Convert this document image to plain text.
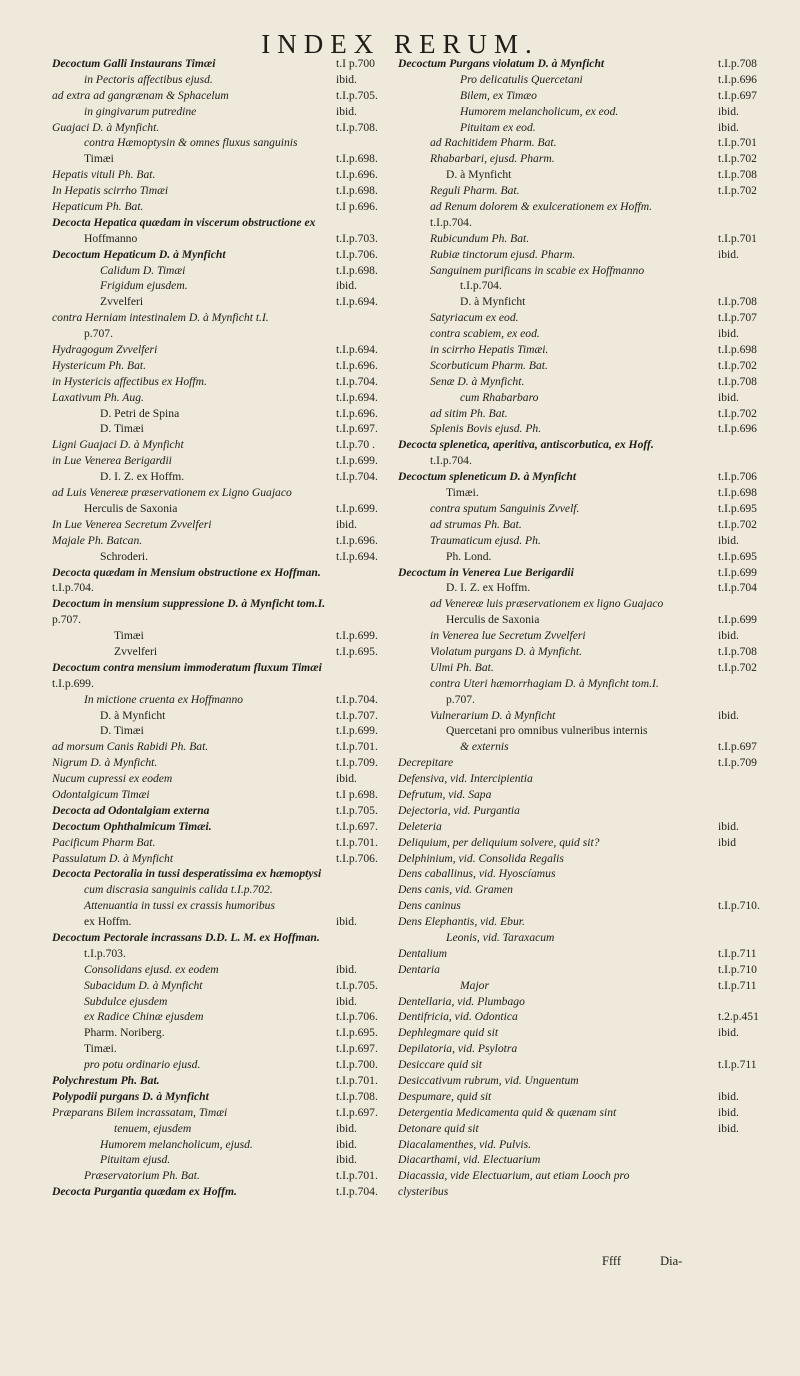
INDEX RERUM.
Decoctum Galli Instaurans Timæi	t.I p.700
in Pectoris affectibus ejusd.	ibid.
ad extra ad gangrænam & Sphacelum	t.I.p.705.
in gingivarum putredine	ibid.
Guajaci D. à Mynficht.	t.I.p.708.
contra Hæmoptysin & omnes fluxus sanguinis
Timæi	t.I.p.698.
Hepatis vituli Ph. Bat.	t.I.p.696.
In Hepatis scirrho Timæi	t.I.p.698.
Hepaticum Ph. Bat.	t.I p.696.
Decocta Hepatica quædam in viscerum obstructione ex
Hoffmanno	t.I.p.703.
Decoctum Hepaticum D. à Mynficht	t.I.p.706.
Calidum D. Timæi	t.I.p.698.
Frigidum ejusdem.	ibid.
Zvvelferi	t.I.p.694.
contra Herniam intestinalem D. à Mynficht t.I.
p.707.
Hydragogum Zvvelferi	t.I.p.694.
Hystericum Ph. Bat.	t.I.p.696.
in Hystericis affectibus ex Hoffm.	t.I.p.704.
Laxativum Ph. Aug.	t.I.p.694.
D. Petri de Spina	t.I.p.696.
D. Timæi	t.I.p.697.
Ligni Guajaci D. à Mynficht	t.I.p.70 .
in Lue Venerea Berigardii	t.I.p.699.
D. I. Z. ex Hoffm.	t.I.p.704.
ad Luis Venereæ præservationem ex Ligno Guajaco
Herculis de Saxonia	t.I.p.699.
In Lue Venerea Secretum Zvvelferi	ibid.
Majale Ph. Batcan.	t.I.p.696.
Schroderi.	t.I.p.694.
Decocta quædam in Mensium obstructione ex Hoffman.
t.I.p.704.
Decoctum in mensium suppressione D. à Mynficht tom.I.
p.707.
Timæi	t.I.p.699.
Zvvelferi	t.I.p.695.
Decoctum contra mensium immoderatum fluxum Timæi
t.I.p.699.
In mictione cruenta ex Hoffmanno	t.I.p.704.
D. à Mynficht	t.I.p.707.
D. Timæi	t.I.p.699.
ad morsum Canis Rabidi Ph. Bat.	t.I.p.701.
Nigrum D. à Mynficht.	t.I.p.709.
Nucum cupressi ex eodem	ibid.
Odontalgicum Timæi	t.I p.698.
Decocta ad Odontalgiam externa	t.I.p.705.
Decoctum Ophthalmicum Timæi.	t.I.p.697.
Pacificum Pharm Bat.	t.I.p.701.
Passulatum D. à Mynficht	t.I.p.706.
Decocta Pectoralia in tussi desperatissima ex hæmoptysi
cum discrasia sanguinis calida t.I.p.702.
Attenuantia in tussi ex crassis humoribus
ex Hoffm.	ibid.
Decoctum Pectorale incrassans D.D. L. M. ex Hoffman.
t.I.p.703.
Consolidans ejusd. ex eodem	ibid.
Subacidum D. à Mynficht	t.I.p.705.
Subdulce ejusdem	ibid.
ex Radice Chinæ ejusdem	t.I.p.706.
Pharm. Noriberg.	t.I.p.695.
Timæi.	t.I.p.697.
pro potu ordinario ejusd.	t.I.p.700.
Polychrestum Ph. Bat.	t.I.p.701.
Polypodii purgans D. à Mynficht	t.I.p.708.
Præparans Bilem incrassatam, Timæi	t.I.p.697.
tenuem, ejusdem	ibid.
Humorem melancholicum, ejusd.	ibid.
Pituitam ejusd.	ibid.
Præservatorium Ph. Bat.	t.I.p.701.
Decocta Purgantia quædam ex Hoffm.	t.I.p.704.
Decoctum Purgans violatum D. à Mynficht	t.I.p.708
Pro delicatulis Quercetani	t.I.p.696
Bilem, ex Timæo	t.I.p.697
Humorem melancholicum, ex eod.	ibid.
Pituitam ex eod.	ibid.
ad Rachitidem Pharm. Bat.	t.I.p.701
Rhabarbari, ejusd. Pharm.	t.I.p.702
D. à Mynficht	t.I.p.708
Reguli Pharm. Bat.	t.I.p.702
ad Renum dolorem & exulcerationem ex Hoffm.
t.I.p.704.
Rubicundum Ph. Bat.	t.I.p.701
Rubiæ tinctorum ejusd. Pharm.	ibid.
Sanguinem purificans in scabie ex Hoffmanno
t.I.p.704.
D. à Mynficht	t.I.p.708
Satyriacum ex eod.	t.I.p.707
contra scabiem, ex eod.	ibid.
in scirrho Hepatis Timæi.	t.I.p.698
Scorbuticum Pharm. Bat.	t.I.p.702
Senæ D. à Mynficht.	t.I.p.708
cum Rhabarbaro	ibid.
ad sitim Ph. Bat.	t.I.p.702
Splenis Bovis ejusd. Ph.	t.I.p.696
Decocta splenetica, aperitiva, antiscorbutica, ex Hoff.
t.I.p.704.
Decoctum spleneticum D. à Mynficht	t.I.p.706
Timæi.	t.I.p.698
contra sputum Sanguinis Zvvelf.	t.I.p.695
ad strumas Ph. Bat.	t.I.p.702
Traumaticum ejusd. Ph.	ibid.
Ph. Lond.	t.I.p.695
Decoctum in Venerea Lue Berigardii	t.I.p.699
D. I. Z. ex Hoffm.	t.I.p.704
ad Venereæ luis præservationem ex ligno Guajaco
Herculis de Saxonia	t.I.p.699
in Venerea lue Secretum Zvvelferi	ibid.
Violatum purgans D. à Mynficht.	t.I.p.708
Ulmi Ph. Bat.	t.I.p.702
contra Uteri hæmorrhagiam D. à Mynficht tom.I.
p.707.
Vulnerarium D. à Mynficht	ibid.
Quercetani pro omnibus vulneribus internis
& externis	t.I.p.697
Decrepitare	t.I.p.709
Defensiva, vid. Intercipientia
Defrutum, vid. Sapa
Dejectoria, vid. Purgantia
Deleteria	ibid.
Deliquium, per deliquium solvere, quid sit?	ibid
Delphinium, vid. Consolida Regalis
Dens caballinus, vid. Hyoscíamus
Dens canis, vid. Gramen
Dens caninus	t.I.p.710.
Dens Elephantis, vid. Ebur.
Leonis, vid. Taraxacum
Dentalium	t.I.p.711
Dentaria	t.I.p.710
Major	t.I.p.711
Dentellaria, vid. Plumbago
Dentifricia, vid. Odontica	t.2.p.451
Dephlegmare quid sit	ibid.
Depilatoria, vid. Psylotra
Desiccare quid sit	t.I.p.711
Desiccativum rubrum, vid. Unguentum
Despumare, quid sit	ibid.
Detergentia Medicamenta quid & quænam sint	ibid.
Detonare quid sit	ibid.
Diacalamenthes, vid. Pulvis.
Diacarthami, vid. Electuarium
Diacassia, vide Electuarium, aut etiam Looch pro
clysteribus
Ffff	Dia-
